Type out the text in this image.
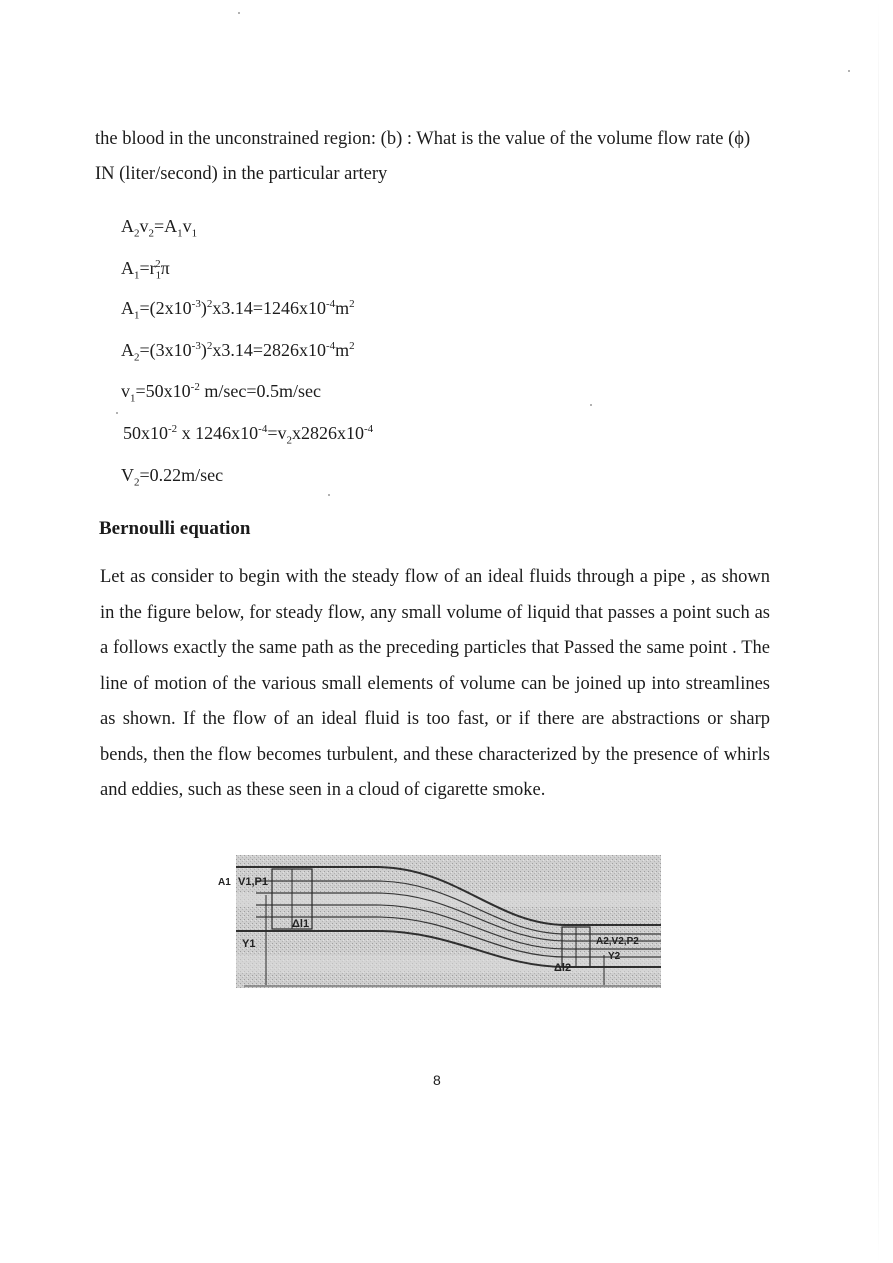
the blood in the unconstrained region: (b) : What is the value of the volume flow rate (ϕ) IN (liter/second) in the particular artery

$A_2v_2=A_1v_1$
$A_1=r_1^2\pi$
$A_1=(2x10^{-3})^2x3.14=1246x10^{-4}m^2$
$A_2=(3x10^{-3})^2x3.14=2826x10^{-4}m^2$
$v_1=50x10^{-2}$ m/sec=0.5m/sec
$50x10^{-2}$ x $1246x10^{-4}=v_2x2826x10^{-4}$
$V_2=0.22m/\sec$
Bernoulli equation

Let as consider to begin with the steady flow of an ideal fluids through a pipe , as shown in the figure below, for steady flow, any small volume of liquid that passes a point such as a follows exactly the same path as the preceding particles that Passed the same point . The line of motion of the various small elements of volume can be joined up into streamlines as shown. If the flow of an ideal fluid is too fast, or if there are abstractions or sharp bends, then the flow becomes turbulent, and these characterized by the presence of whirls and eddies, such as these seen in a cloud of cigarette smoke.

A1 V1,P1
Δl1
Y1	A2,V2,P2
Y2
Δl2
8
